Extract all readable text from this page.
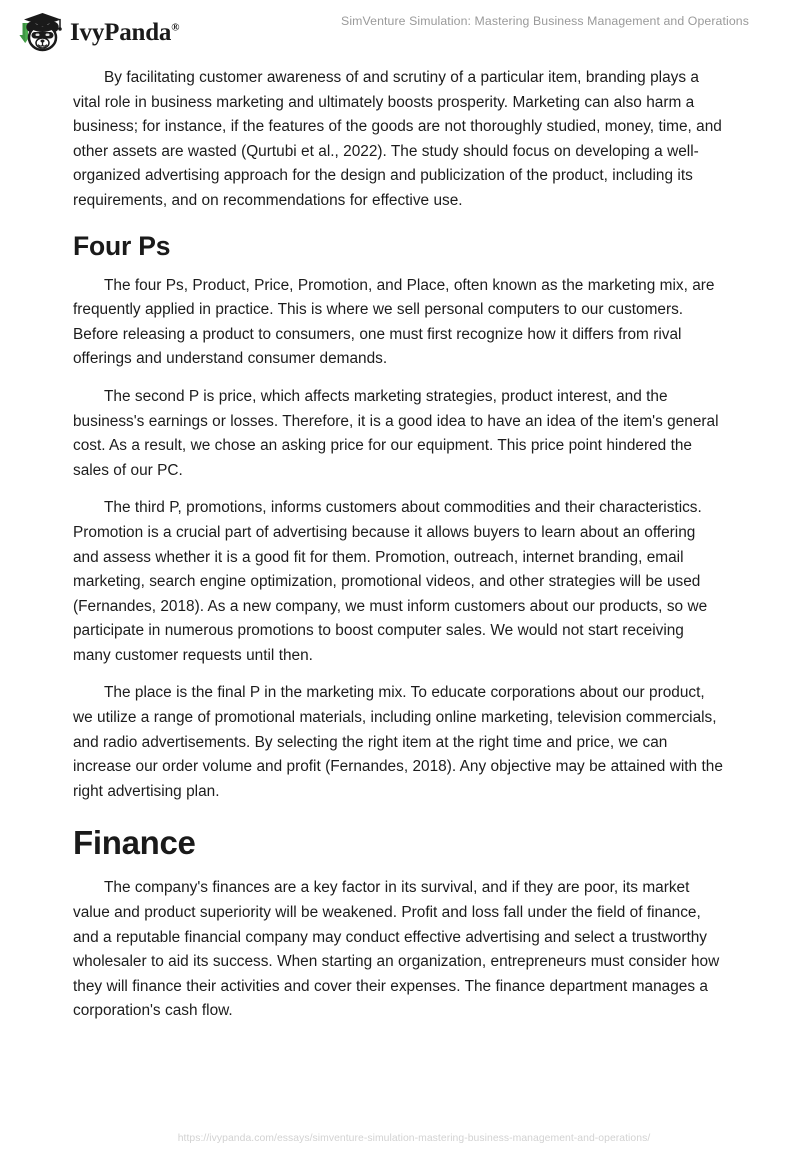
IvyPanda®	SimVenture Simulation: Mastering Business Management and Operations

By facilitating customer awareness of and scrutiny of a particular item, branding plays a vital role in business marketing and ultimately boosts prosperity. Marketing can also harm a business; for instance, if the features of the goods are not thoroughly studied, money, time, and other assets are wasted (Qurtubi et al., 2022). The study should focus on developing a well-organized advertising approach for the design and publicization of the product, including its requirements, and on recommendations for effective use.

Four Ps

The four Ps, Product, Price, Promotion, and Place, often known as the marketing mix, are frequently applied in practice. This is where we sell personal computers to our customers. Before releasing a product to consumers, one must first recognize how it differs from rival offerings and understand consumer demands.

The second P is price, which affects marketing strategies, product interest, and the business's earnings or losses. Therefore, it is a good idea to have an idea of the item's general cost. As a result, we chose an asking price for our equipment. This price point hindered the sales of our PC.

The third P, promotions, informs customers about commodities and their characteristics. Promotion is a crucial part of advertising because it allows buyers to learn about an offering and assess whether it is a good fit for them. Promotion, outreach, internet branding, email marketing, search engine optimization, promotional videos, and other strategies will be used (Fernandes, 2018). As a new company, we must inform customers about our products, so we participate in numerous promotions to boost computer sales. We would not start receiving many customer requests until then.

The place is the final P in the marketing mix. To educate corporations about our product, we utilize a range of promotional materials, including online marketing, television commercials, and radio advertisements. By selecting the right item at the right time and price, we can increase our order volume and profit (Fernandes, 2018). Any objective may be attained with the right advertising plan.

Finance

The company's finances are a key factor in its survival, and if they are poor, its market value and product superiority will be weakened. Profit and loss fall under the field of finance, and a reputable financial company may conduct effective advertising and select a trustworthy wholesaler to aid its success. When starting an organization, entrepreneurs must consider how they will finance their activities and cover their expenses. The finance department manages a corporation's cash flow.

https://ivypanda.com/essays/simventure-simulation-mastering-business-management-and-operations/
